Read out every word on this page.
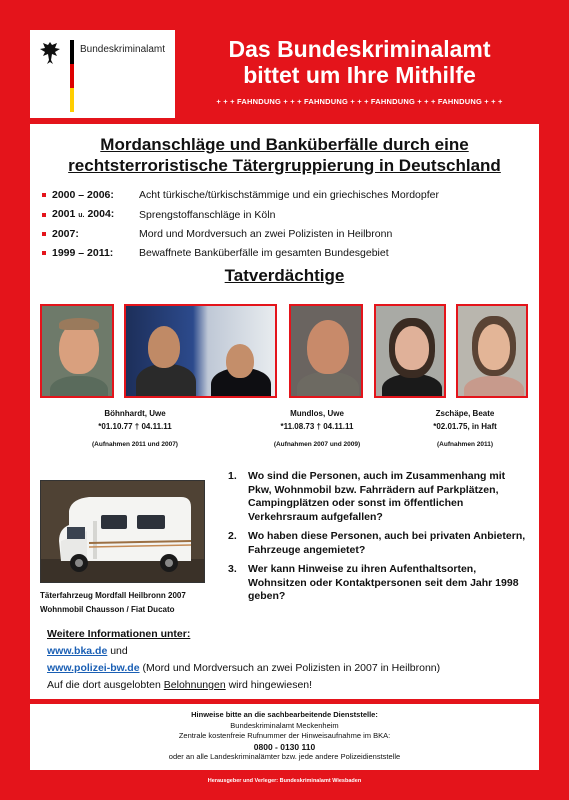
Bundeskriminalamt	Das Bundeskriminalamt
bittet um Ihre Mithilfe
+ + + FAHNDUNG + + + FAHNDUNG + + + FAHNDUNG + + + FAHNDUNG + + +
Mordanschläge und Banküberfälle durch eine
rechtsterroristische Tätergruppierung in Deutschland
2000 – 2006:	Acht türkische/türkischstämmige und ein griechisches Mordopfer
2001 u. 2004:	Sprengstoffanschläge in Köln
2007:	Mord und Mordversuch an zwei Polizisten in Heilbronn
1999 – 2011:	Bewaffnete Banküberfälle im gesamten Bundesgebiet
Tatverdächtige
Böhnhardt, Uwe
*01.10.77 † 04.11.11
(Aufnahmen 2011 und 2007)
Mundlos, Uwe
*11.08.73 † 04.11.11
(Aufnahmen 2007 und 2009)
Zschäpe, Beate
*02.01.75, in Haft
(Aufnahmen 2011)
Täterfahrzeug Mordfall Heilbronn 2007
Wohnmobil Chausson / Fiat Ducato
1.	Wo sind die Personen, auch im Zusammenhang mit Pkw, Wohnmobil bzw. Fahrrädern auf Parkplätzen, Campingplätzen oder sonst im öffentlichen Verkehrsraum aufgefallen?
2.	Wo haben diese Personen, auch bei privaten Anbietern, Fahrzeuge angemietet?
3.	Wer kann Hinweise zu ihren Aufenthaltsorten, Wohnsitzen oder Kontaktpersonen seit dem Jahr 1998 geben?
Weitere Informationen unter:
www.bka.de und
www.polizei-bw.de (Mord und Mordversuch an zwei Polizisten in 2007 in Heilbronn)
Auf die dort ausgelobten Belohnungen wird hingewiesen!
Hinweise bitte an die sachbearbeitende Dienststelle:
Bundeskriminalamt Meckenheim
Zentrale kostenfreie Rufnummer der Hinweisaufnahme im BKA:
0800 - 0130 110
oder an alle Landeskriminalämter bzw. jede andere Polizeidienststelle
Herausgeber und Verleger: Bundeskriminalamt Wiesbaden
